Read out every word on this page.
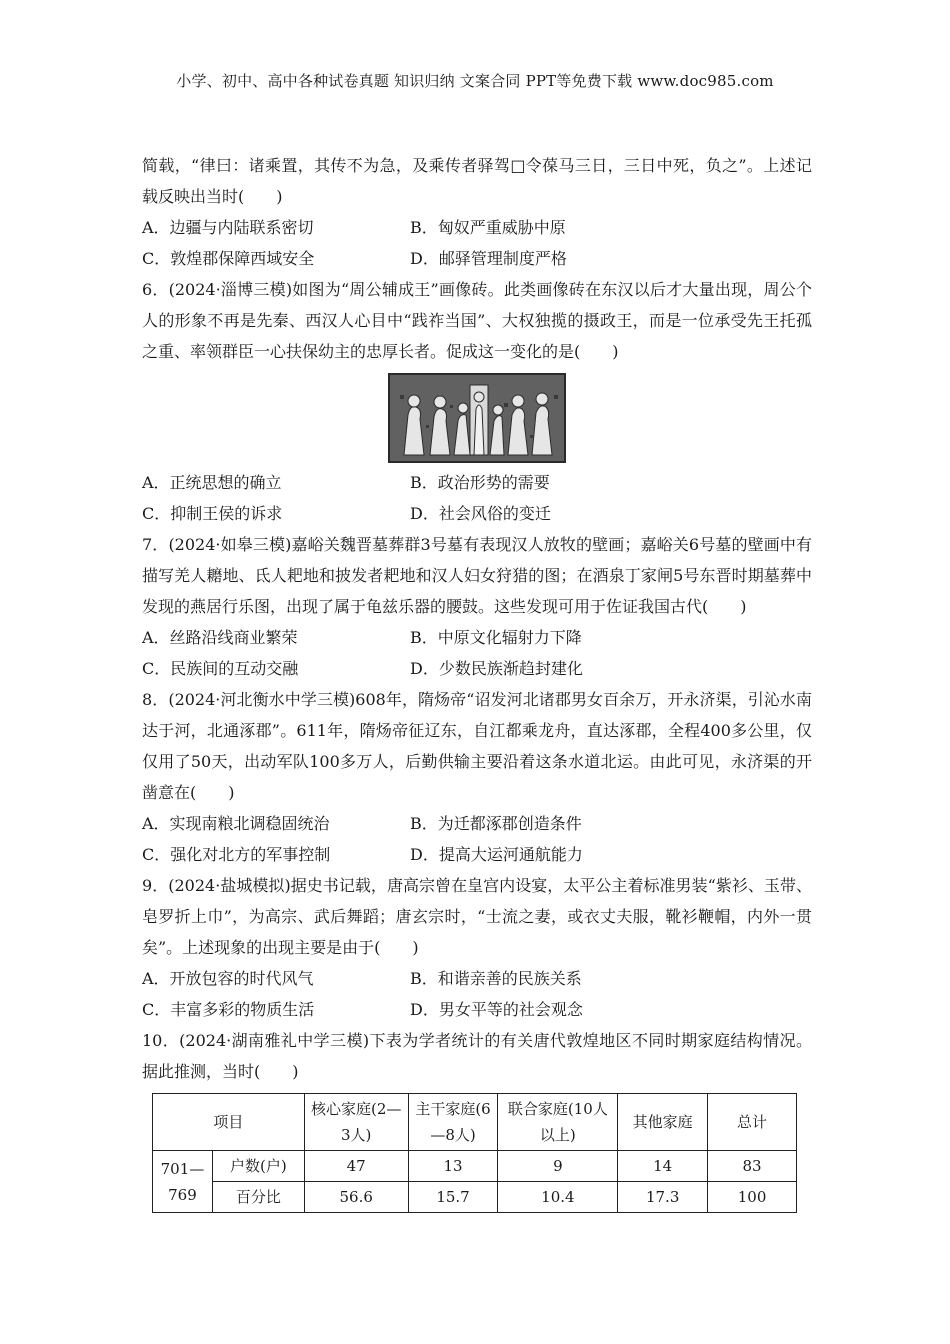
小学、初中、高中各种试卷真题 知识归纳 文案合同 PPT等免费下载 www.doc985.com

简载，“律曰：诸乘置，其传不为急，及乘传者驿驾□令葆马三日，三日中死，负之”。上述记载反映出当时(　　)

A．边疆与内陆联系密切	B．匈奴严重威胁中原
C．敦煌郡保障西域安全	D．邮驿管理制度严格

6．(2024·淄博三模)如图为“周公辅成王”画像砖。此类画像砖在东汉以后才大量出现，周公个人的形象不再是先秦、西汉人心目中“践祚当国”、大权独揽的摄政王，而是一位承受先王托孤之重、率领群臣一心扶保幼主的忠厚长者。促成这一变化的是(　　)

A．正统思想的确立	B．政治形势的需要
C．抑制王侯的诉求	D．社会风俗的变迁

7．(2024·如皋三模)嘉峪关魏晋墓葬群3号墓有表现汉人放牧的壁画；嘉峪关6号墓的壁画中有描写羌人耱地、氐人耙地和披发者耙地和汉人妇女狩猎的图；在酒泉丁家闸5号东晋时期墓葬中发现的燕居行乐图，出现了属于龟兹乐器的腰鼓。这些发现可用于佐证我国古代(　　)

A．丝路沿线商业繁荣	B．中原文化辐射力下降
C．民族间的互动交融	D．少数民族渐趋封建化

8．(2024·河北衡水中学三模)608年，隋炀帝“诏发河北诸郡男女百余万，开永济渠，引沁水南达于河，北通涿郡”。611年，隋炀帝征辽东，自江都乘龙舟，直达涿郡，全程400多公里，仅仅用了50天，出动军队100多万人，后勤供输主要沿着这条水道北运。由此可见，永济渠的开凿意在(　　)

A．实现南粮北调稳固统治	B．为迁都涿郡创造条件
C．强化对北方的军事控制	D．提高大运河通航能力

9．(2024·盐城模拟)据史书记载，唐高宗曾在皇宫内设宴，太平公主着标准男装“紫衫、玉带、皂罗折上巾”，为高宗、武后舞蹈；唐玄宗时，“士流之妻，或衣丈夫服，靴衫鞭帽，内外一贯矣”。上述现象的出现主要是由于(　　)

A．开放包容的时代风气	B．和谐亲善的民族关系
C．丰富多彩的物质生活	D．男女平等的社会观念

10．(2024·湖南雅礼中学三模)下表为学者统计的有关唐代敦煌地区不同时期家庭结构情况。据此推测，当时(　　)

项目		核心家庭(2—3人)	主干家庭(6—8人)	联合家庭(10人以上)	其他家庭	总计
701—769	户数(户)	47	13	9	14	83
	百分比	56.6	15.7	10.4	17.3	100
